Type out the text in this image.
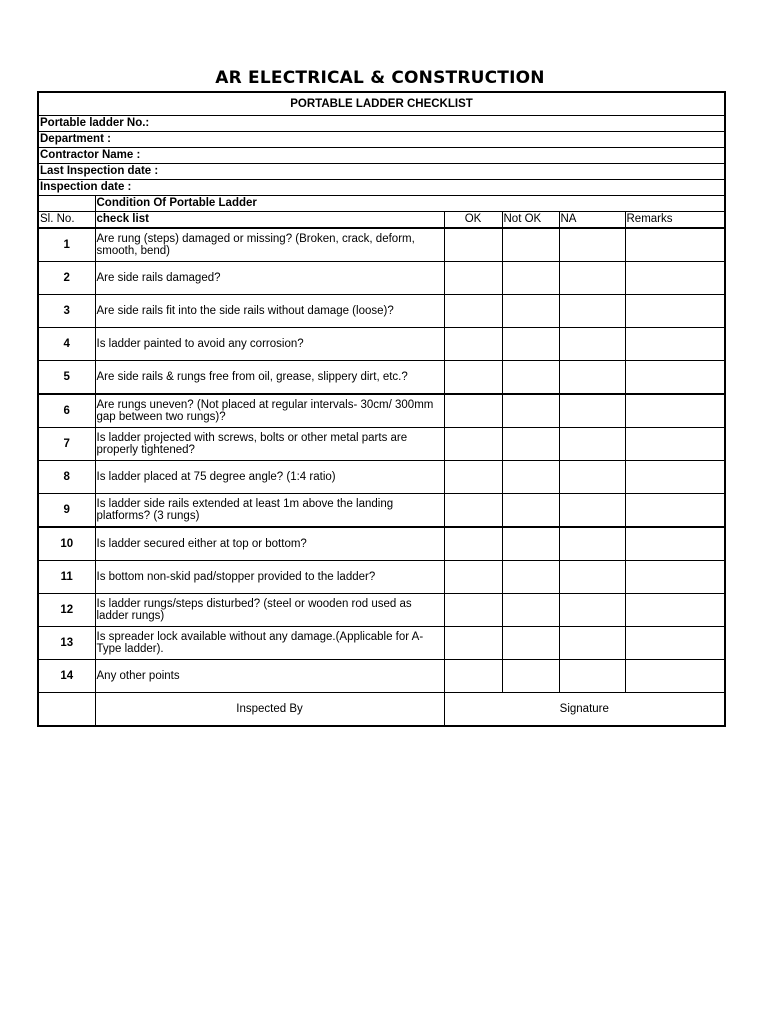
AR ELECTRICAL & CONSTRUCTION
PORTABLE LADDER CHECKLIST					
Portable ladder No.:					
Department :					
Contractor Name :					
Last Inspection date :					
Inspection date :					
	Condition Of Portable Ladder				
Sl. No.	check list	OK	Not OK	NA	Remarks
1	Are rung (steps) damaged or missing? (Broken, crack, deform, smooth, bend)				
2	Are side rails damaged?				
3	Are side rails fit into the side rails without damage (loose)?				
4	Is ladder painted to avoid any corrosion?				
5	Are side rails & rungs free from oil, grease, slippery dirt, etc.?				
6	Are rungs uneven? (Not placed at regular intervals- 30cm/ 300mm gap between two rungs)?				
7	Is ladder projected with screws, bolts or other metal parts are properly tightened?				
8	Is ladder placed at 75 degree angle? (1:4 ratio)				
9	Is ladder side rails extended at least 1m above the landing platforms? (3 rungs)				
10	Is ladder secured either at top or bottom?				
11	Is bottom non-skid pad/stopper provided to the ladder?				
12	Is ladder rungs/steps disturbed? (steel or wooden rod used as ladder rungs)				
13	Is spreader lock available without any damage.(Applicable for A-Type ladder).				
14	Any other points				
	Inspected By	Signature			
